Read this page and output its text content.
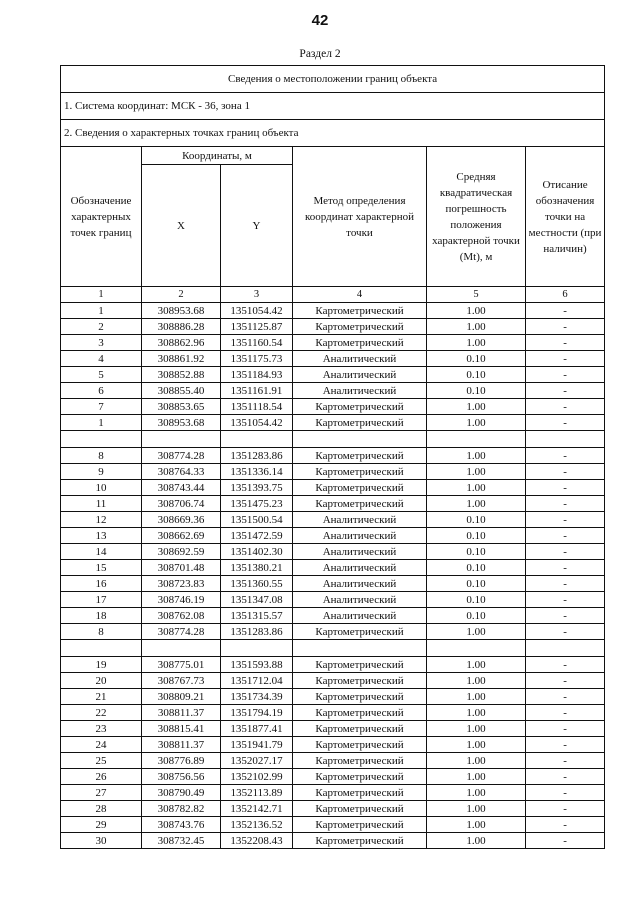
42
Раздел 2
Сведения о местоположении границ объекта					
1. Система координат: МСК - 36, зона 1					
2. Сведения о характерных точках границ объекта					
Обозначение характерных точек границ	Координаты, м		Метод определения координат характерной точки	Средняя квадратическая погрешность положения характерной точки (Mt), м	Отисание обозначения точки на местности (при наличин)
	X	Y			
1	2	3	4	5	6
1	308953.68	1351054.42	Картометрический	1.00	-
2	308886.28	1351125.87	Картометрический	1.00	-
3	308862.96	1351160.54	Картометрический	1.00	-
4	308861.92	1351175.73	Аналитический	0.10	-
5	308852.88	1351184.93	Аналитический	0.10	-
6	308855.40	1351161.91	Аналитический	0.10	-
7	308853.65	1351118.54	Картометрический	1.00	-
1	308953.68	1351054.42	Картометрический	1.00	-

8	308774.28	1351283.86	Картометрический	1.00	-
9	308764.33	1351336.14	Картометрический	1.00	-
10	308743.44	1351393.75	Картометрический	1.00	-
11	308706.74	1351475.23	Картометрический	1.00	-
12	308669.36	1351500.54	Аналитический	0.10	-
13	308662.69	1351472.59	Аналитический	0.10	-
14	308692.59	1351402.30	Аналитический	0.10	-
15	308701.48	1351380.21	Аналитический	0.10	-
16	308723.83	1351360.55	Аналитический	0.10	-
17	308746.19	1351347.08	Аналитический	0.10	-
18	308762.08	1351315.57	Аналитический	0.10	-
8	308774.28	1351283.86	Картометрический	1.00	-

19	308775.01	1351593.88	Картометрический	1.00	-
20	308767.73	1351712.04	Картометрический	1.00	-
21	308809.21	1351734.39	Картометрический	1.00	-
22	308811.37	1351794.19	Картометрический	1.00	-
23	308815.41	1351877.41	Картометрический	1.00	-
24	308811.37	1351941.79	Картометрический	1.00	-
25	308776.89	1352027.17	Картометрический	1.00	-
26	308756.56	1352102.99	Картометрический	1.00	-
27	308790.49	1352113.89	Картометрический	1.00	-
28	308782.82	1352142.71	Картометрический	1.00	-
29	308743.76	1352136.52	Картометрический	1.00	-
30	308732.45	1352208.43	Картометрический	1.00	-
